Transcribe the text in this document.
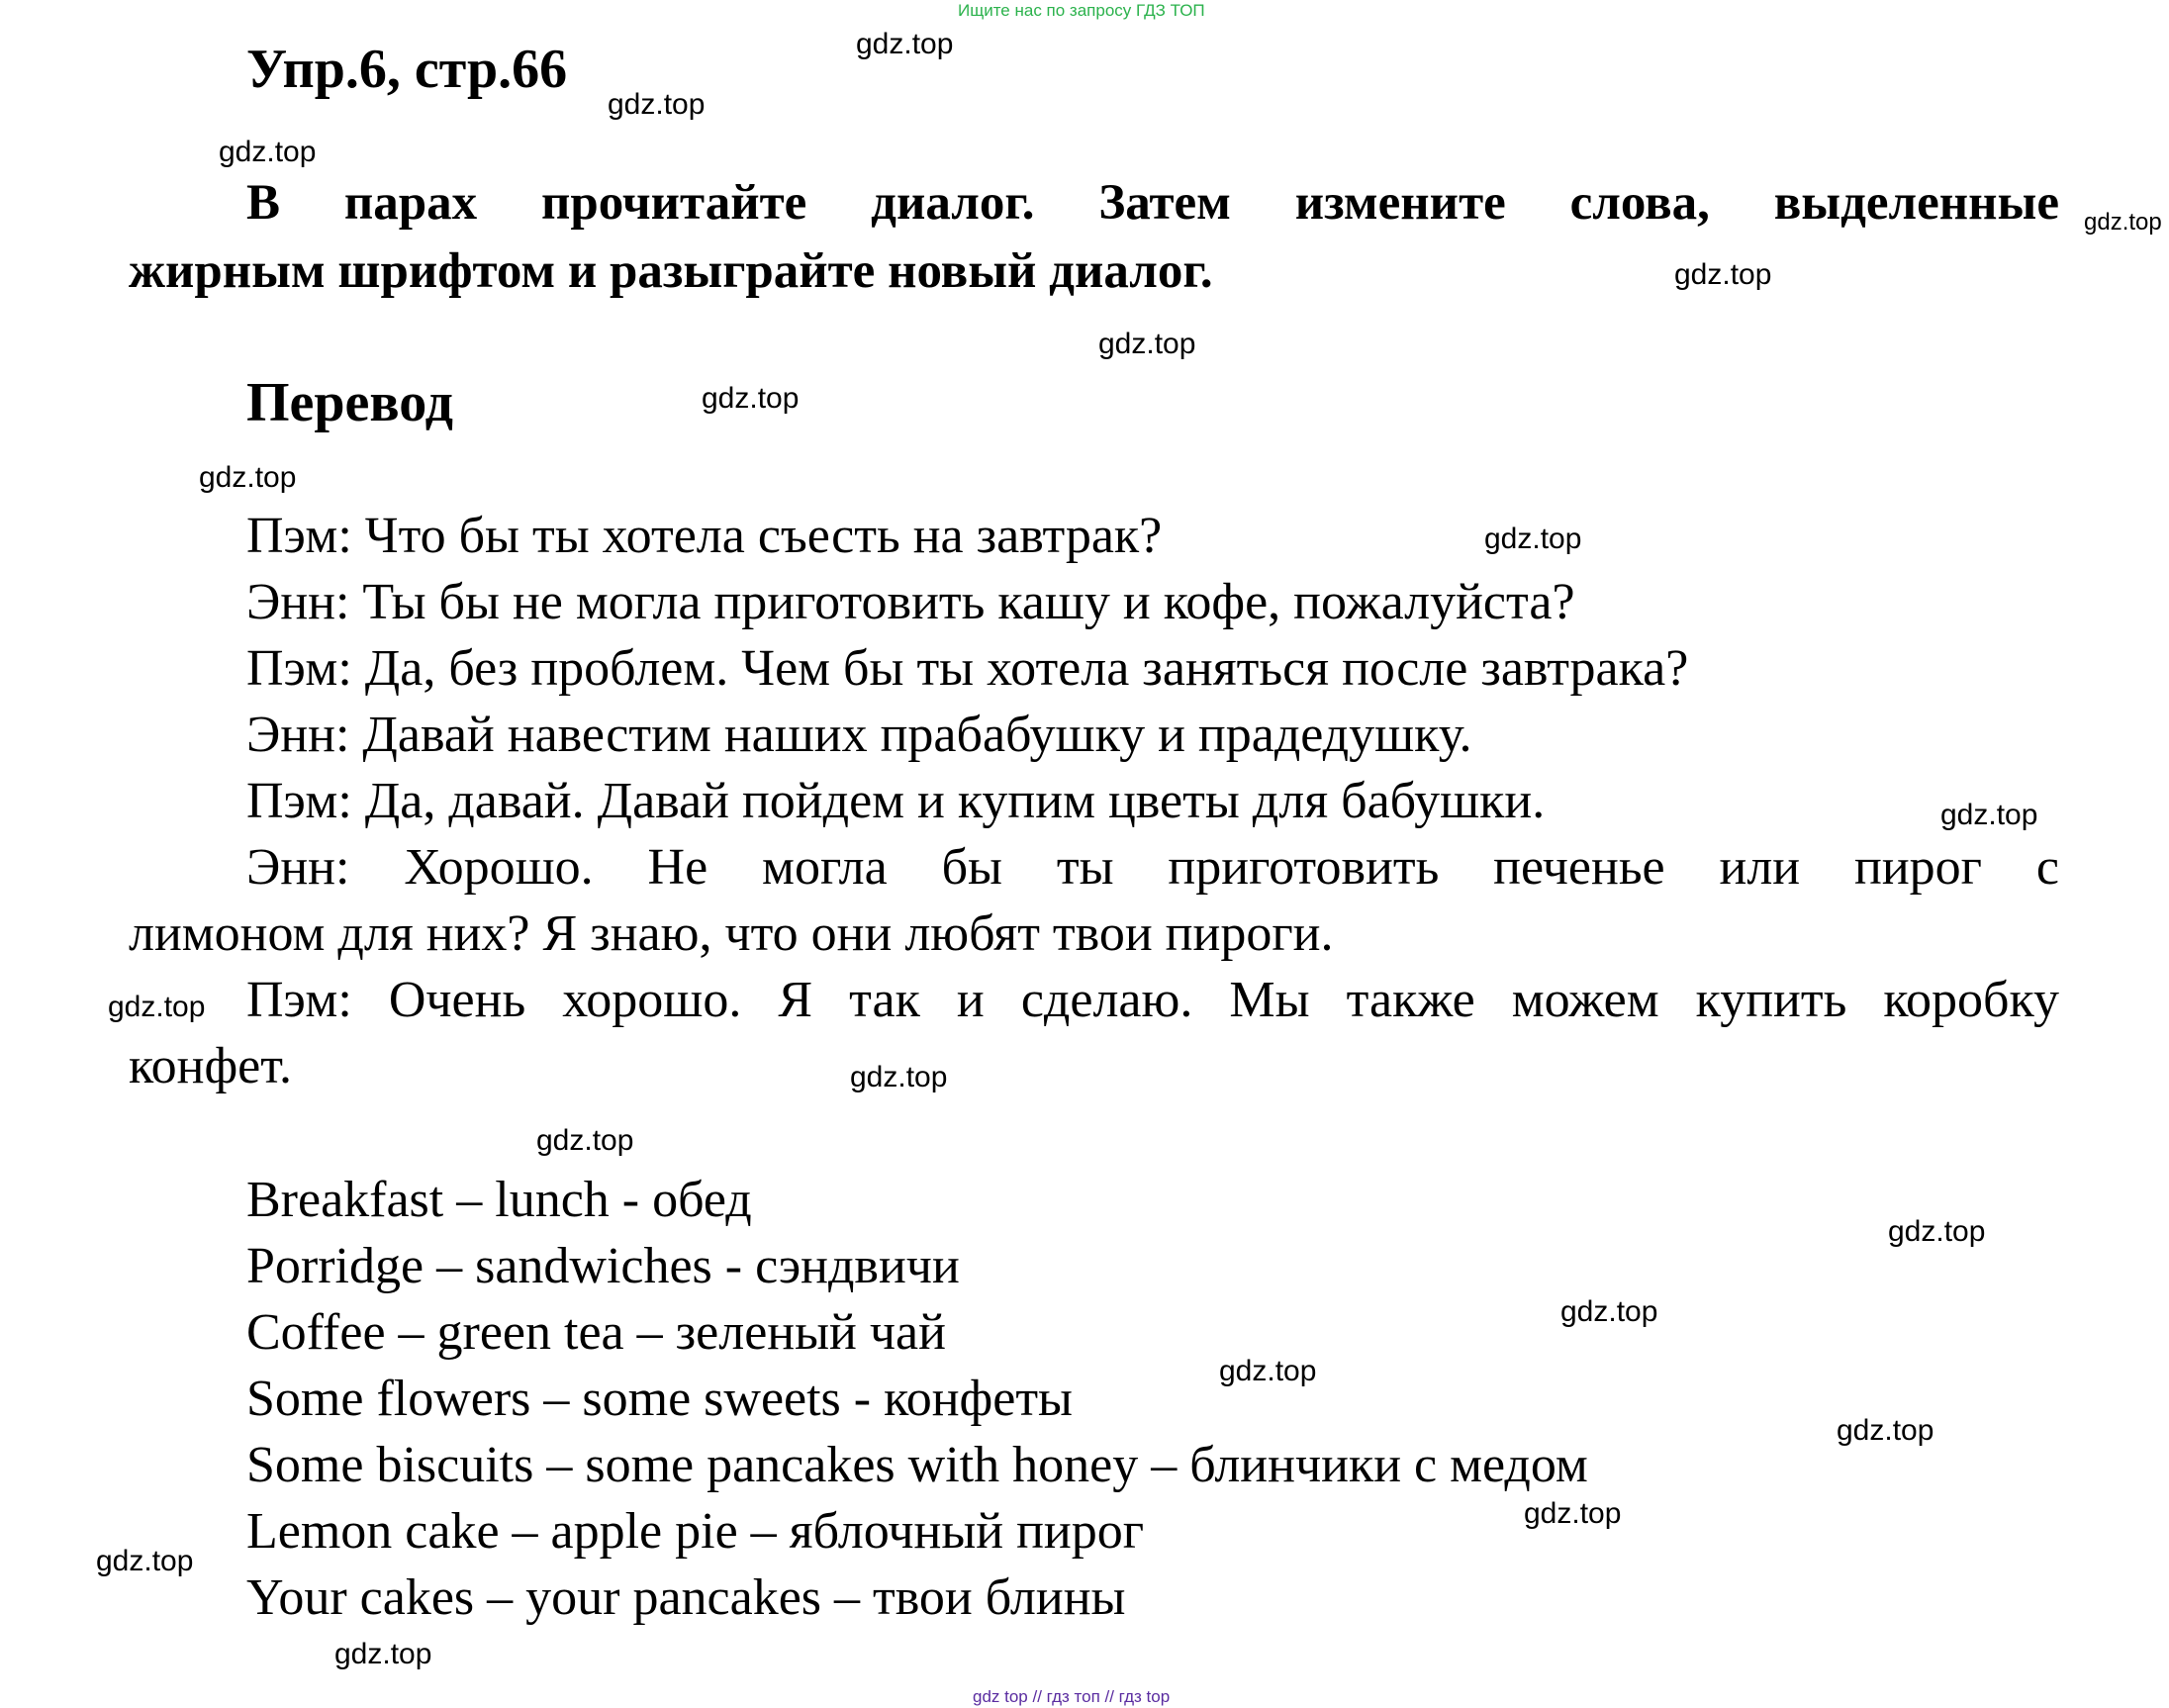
Ищите нас по запросу ГДЗ ТОП
Упр.6, стр.66
В парах прочитайте диалог. Затем измените слова, выделенные
жирным шрифтом и разыграйте новый диалог.
Перевод
Пэм: Что бы ты хотела съесть на завтрак?
Энн: Ты бы не могла приготовить кашу и кофе, пожалуйста?
Пэм: Да, без проблем. Чем бы ты хотела заняться после завтрака?
Энн: Давай навестим наших прабабушку и прадедушку.
Пэм: Да, давай. Давай пойдем и купим цветы для бабушки.
Энн: Хорошо. Не могла бы ты приготовить печенье или пирог с
лимоном для них? Я знаю, что они любят твои пироги.
Пэм: Очень хорошо. Я так и сделаю. Мы также можем купить коробку
конфет.
Breakfast – lunch - обед
Porridge – sandwiches - сэндвичи
Coffee – green tea – зеленый чай
Some flowers – some sweets - конфеты
Some biscuits – some pancakes with honey – блинчики с медом
Lemon cake – apple pie – яблочный пирог
Your cakes – your pancakes – твои блины
gdz.top
gdz.top
gdz.top
gdz.top
gdz.top
gdz.top
gdz.top
gdz.top
gdz.top
gdz.top
gdz.top
gdz.top
gdz.top
gdz.top
gdz.top
gdz.top
gdz.top
gdz.top
gdz.top
gdz.top
gdz top // гдз топ // гдз top
